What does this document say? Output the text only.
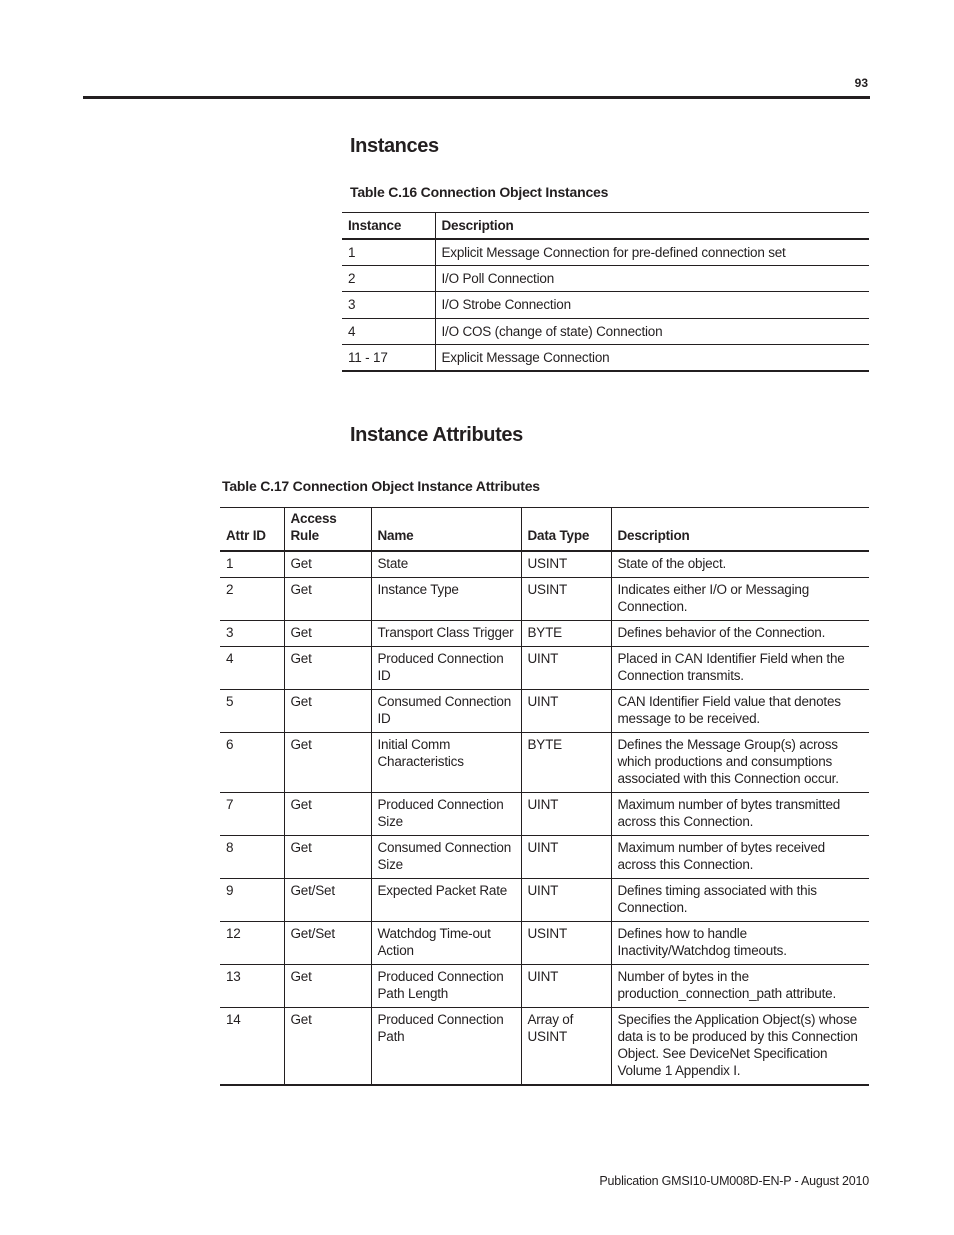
93
Instances

Table C.16 Connection Object Instances

Instance	Description
1	Explicit Message Connection for pre-defined connection set
2	I/O Poll Connection
3	I/O Strobe Connection
4	I/O COS (change of state) Connection
11 - 17	Explicit Message Connection
Instance Attributes

Table C.17 Connection Object Instance Attributes

Attr ID	Access Rule	Name	Data Type	Description
1	Get	State	USINT	State of the object.
2	Get	Instance Type	USINT	Indicates either I/O or Messaging Connection.
3	Get	Transport Class Trigger	BYTE	Defines behavior of the Connection.
4	Get	Produced Connection ID	UINT	Placed in CAN Identifier Field when the Connection transmits.
5	Get	Consumed Connection ID	UINT	CAN Identifier Field value that denotes message to be received.
6	Get	Initial Comm Characteristics	BYTE	Defines the Message Group(s) across which productions and consumptions associated with this Connection occur.
7	Get	Produced Connection Size	UINT	Maximum number of bytes transmitted across this Connection.
8	Get	Consumed Connection Size	UINT	Maximum number of bytes received across this Connection.
9	Get/Set	Expected Packet Rate	UINT	Defines timing associated with this Connection.
12	Get/Set	Watchdog Time-out Action	USINT	Defines how to handle Inactivity/Watchdog timeouts.
13	Get	Produced Connection Path Length	UINT	Number of bytes in the production_connection_path attribute.
14	Get	Produced Connection Path	Array of USINT	Specifies the Application Object(s) whose data is to be produced by this Connection Object. See DeviceNet Specification Volume 1 Appendix I.
Publication GMSI10-UM008D-EN-P - August 2010
